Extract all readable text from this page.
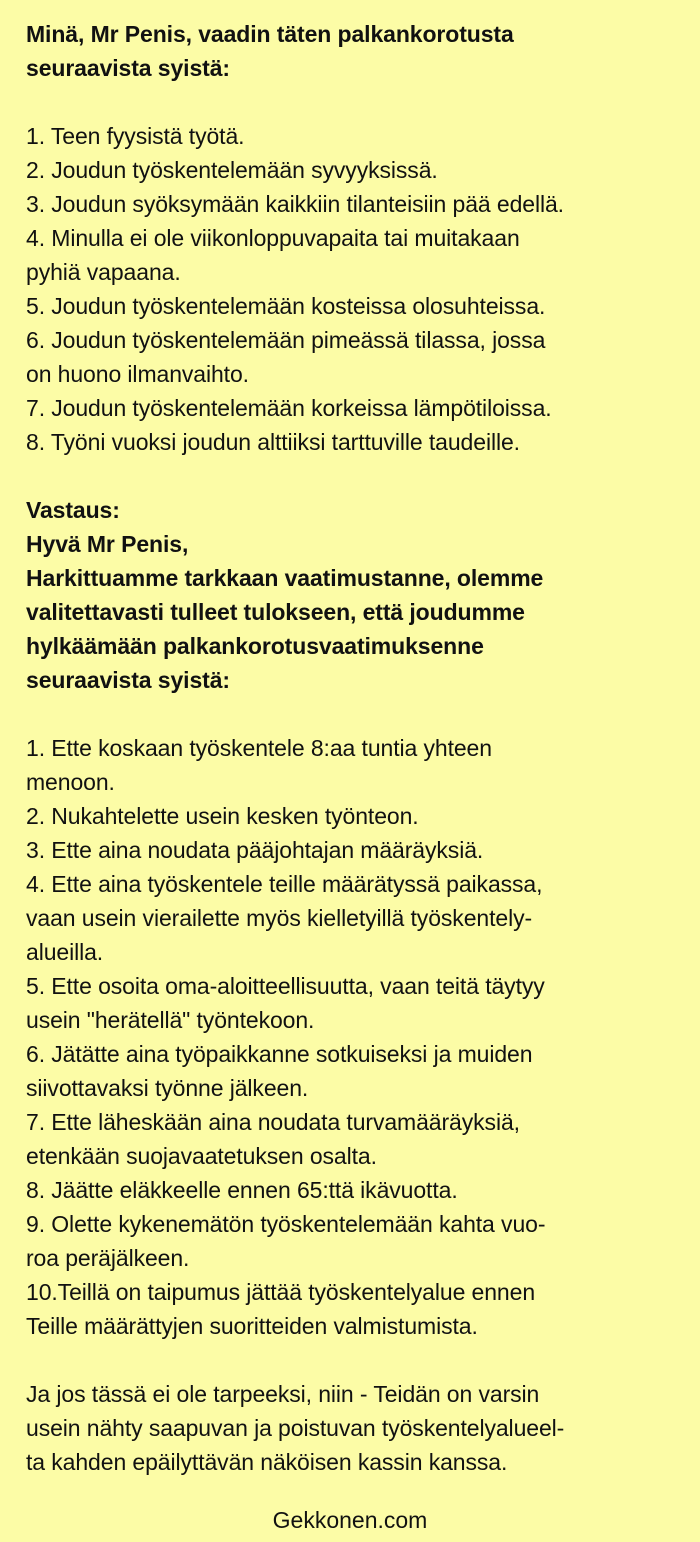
Minä, Mr Penis, vaadin täten palkankorotusta
seuraavista syistä:
1. Teen fyysistä työtä.
2. Joudun työskentelemään syvyyksissä.
3. Joudun syöksymään kaikkiin tilanteisiin pää edellä.
4. Minulla ei ole viikonloppuvapaita tai muitakaan
pyhiä vapaana.
5. Joudun työskentelemään kosteissa olosuhteissa.
6. Joudun työskentelemään pimeässä tilassa, jossa
on huono ilmanvaihto.
7. Joudun työskentelemään korkeissa lämpötiloissa.
8. Työni vuoksi joudun alttiiksi tarttuville taudeille.
Vastaus:
Hyvä Mr Penis,
Harkittuamme tarkkaan vaatimustanne, olemme
valitettavasti tulleet tulokseen, että joudumme
hylkäämään palkankorotusvaatimuksenne
seuraavista syistä:
1. Ette koskaan työskentele 8:aa tuntia yhteen
menoon.
2. Nukahtelette usein kesken työnteon.
3. Ette aina noudata pääjohtajan määräyksiä.
4. Ette aina työskentele teille määrätyssä paikassa,
vaan usein vierailette myös kielletyillä työskentely-
alueilla.
5. Ette osoita oma-aloitteellisuutta, vaan teitä täytyy
usein "herätellä" työntekoon.
6. Jätätte aina työpaikkanne sotkuiseksi ja muiden
siivottavaksi työnne jälkeen.
7. Ette läheskään aina noudata turvamääräyksiä,
etenkään suojavaatetuksen osalta.
8. Jäätte eläkkeelle ennen 65:ttä ikävuotta.
9. Olette kykenemätön työskentelemään kahta vuo-
roa peräjälkeen.
10.Teillä on taipumus jättää työskentelyalue ennen
Teille määrättyjen suoritteiden valmistumista.
Ja jos tässä ei ole tarpeeksi, niin - Teidän on varsin
usein nähty saapuvan ja poistuvan työskentelyalueel-
ta kahden epäilyttävän näköisen kassin kanssa.
Gekkonen.com
